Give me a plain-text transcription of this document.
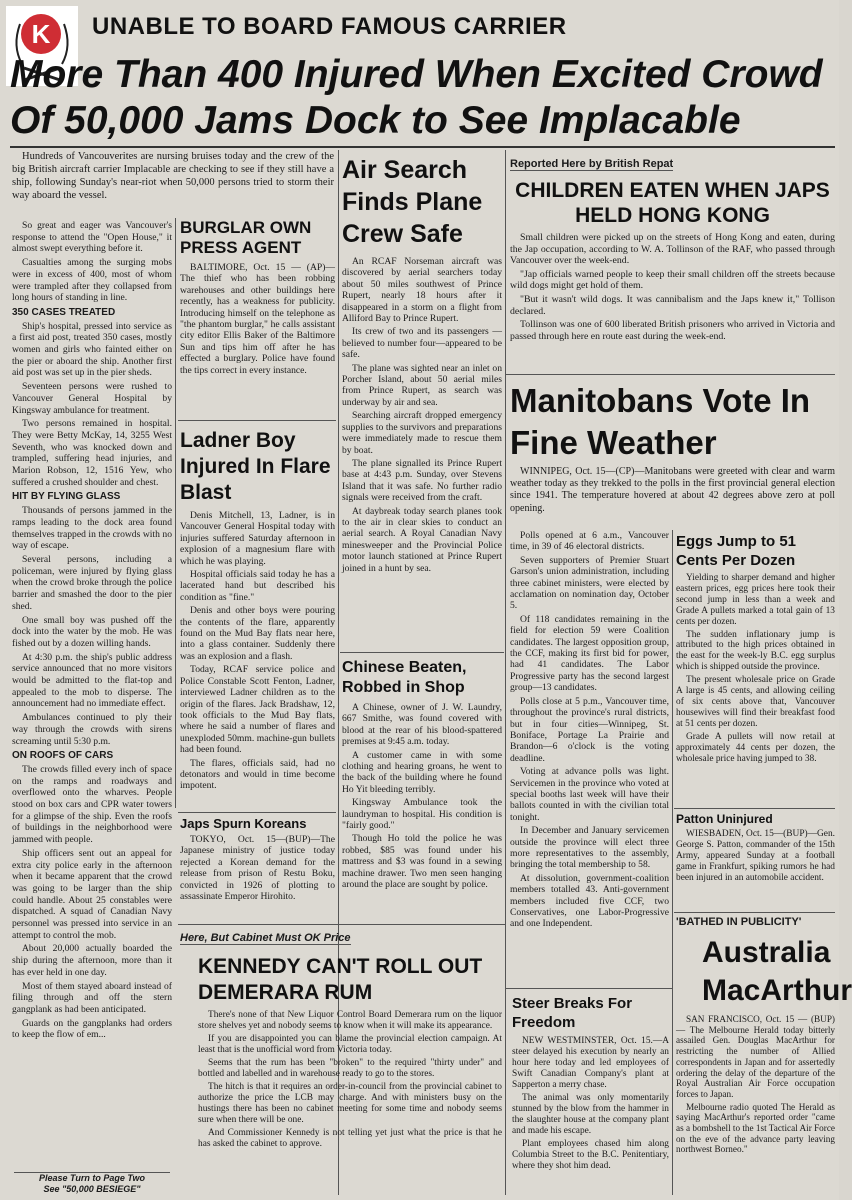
K	UNABLE TO BOARD FAMOUS CARRIER
More Than 400 Injured When Excited Crowd
Of 50,000 Jams Dock to See Implacable

Hundreds of Vancouverites are nursing bruises today and the crew of the big British aircraft carrier Implacable are checking to see if they still have a ship, following Sunday's near-riot when 50,000 persons tried to storm their way aboard the vessel.

So great and eager was Vancouver's response to attend the "Open House," it almost swept everything before it.

Casualties among the surging mobs were in excess of 400, most of whom were trampled after they collapsed from long hours of standing in line.

350 CASES TREATED

Ship's hospital, pressed into service as a first aid post, treated 350 cases, mostly women and girls who fainted either on the pier or aboard the ship. Another first aid post was set up in the pier sheds.

Seventeen persons were rushed to Vancouver General Hospital by Kingsway ambulance for treatment.

Two persons remained in hospital. They were Betty McKay, 14, 3255 West Seventh, who was knocked down and trampled, suffering head injuries, and Marion Robson, 12, 1516 Yew, who suffered a crushed shoulder and chest.

HIT BY FLYING GLASS

Thousands of persons jammed in the ramps leading to the dock area found themselves trapped in the crowds with no way of escape.

Several persons, including a policeman, were injured by flying glass when the crowd broke through the police barrier and smashed the door to the pier shed.

One small boy was pushed off the dock into the water by the mob. He was fished out by a dozen willing hands.

At 4:30 p.m. the ship's public address service announced that no more visitors would be admitted to the flat-top and appealed to the mob to disperse. The announcement had no immediate effect.

Ambulances continued to ply their way through the crowds with sirens screaming until 5:30 p.m.

ON ROOFS OF CARS

The crowds filled every inch of space on the ramps and roadways and overflowed onto the wharves. People stood on box cars and CPR water towers for a glimpse of the ship. Even the roofs of buildings in the neighborhood were jammed with people.

Ship officers sent out an appeal for extra city police early in the afternoon when it became apparent that the crowd was going to be larger than the ship could handle. About 25 constables were dispatched. A squad of Canadian Navy personnel was pressed into service in an attempt to control the mob.

About 20,000 actually boarded the ship during the afternoon, more than it has ever held in one day.

Most of them stayed aboard instead of filing through and off the stern gangplank as had been anticipated.

Guards on the gangplanks had orders to keep the flow of em...

Please Turn to Page Two
See "50,000 BESIEGE"
BURGLAR OWN PRESS AGENT

BALTIMORE, Oct. 15 — (AP)—The thief who has been robbing warehouses and other buildings here recently, has a weakness for publicity. Introducing himself on the telephone as "the phantom burglar," he calls assistant city editor Ellis Baker of the Baltimore Sun and tips him off after he has effected a burglary. Police have found the tips correct in every instance.

Ladner Boy Injured In Flare Blast

Denis Mitchell, 13, Ladner, is in Vancouver General Hospital today with injuries suffered Saturday afternoon in explosion of a magnesium flare with which he was playing.

Hospital officials said today he has a lacerated hand but described his condition as "fine."

Denis and other boys were pouring the contents of the flare, apparently found on the Mud Bay flats near here, into a glass container. Suddenly there was an explosion and a flash.

Today, RCAF service police and Police Constable Scott Fenton, Ladner, interviewed Ladner children as to the origin of the flares. Jack Bradshaw, 12, took officials to the Mud Bay flats, where he said a number of flares and unexploded 50mm. machine-gun bullets had been found.

The flares, officials said, had no detonators and would in time become impotent.

Japs Spurn Koreans

TOKYO, Oct. 15—(BUP)—The Japanese ministry of justice today rejected a Korean demand for the release from prison of Restu Boku, convicted in 1926 of plotting to assassinate Emperor Hirohito.

Air Search Finds Plane Crew Safe

An RCAF Norseman aircraft was discovered by aerial searchers today about 50 miles southwest of Prince Rupert, nearly 18 hours after it disappeared in a storm on a flight from Alliford Bay to Prince Rupert.

Its crew of two and its passengers — believed to number four—appeared to be safe.

The plane was sighted near an inlet on Porcher Island, about 50 aerial miles from Prince Rupert, as search was underway by air and sea.

Searching aircraft dropped emergency supplies to the survivors and preparations were immediately made to rescue them by boat.

The plane signalled its Prince Rupert base at 4:43 p.m. Sunday, over Stevens Island that it was safe. No further radio signals were received from the craft.

At daybreak today search planes took to the air in clear skies to conduct an aerial search. A Royal Canadian Navy minesweeper and the Provincial Police motor launch stationed at Prince Rupert joined in a hunt by sea.

Chinese Beaten, Robbed in Shop

A Chinese, owner of J. W. Laundry, 667 Smithe, was found covered with blood at the rear of his blood-spattered premises at 9:45 a.m. today.

A customer came in with some clothing and hearing groans, he went to the back of the building where he found Ho Yit bleeding terribly.

Kingsway Ambulance took the laundryman to hospital. His condition is "fairly good."

Though Ho told the police he was robbed, $85 was found under his mattress and $3 was found in a sewing machine drawer. Two men seen hanging around the place are sought by police.

Here, But Cabinet Must OK Price
KENNEDY CAN'T ROLL OUT DEMERARA RUM

There's none of that New Liquor Control Board Demerara rum on the liquor store shelves yet and nobody seems to know when it will make its appearance.

If you are disappointed you can blame the provincial election campaign. At least that is the unofficial word from Victoria today.

Seems that the rum has been "broken" to the required "thirty under" and bottled and labelled and in warehouse ready to go to the stores.

The hitch is that it requires an order-in-council from the provincial cabinet to authorize the price the LCB may charge. And with ministers busy on the hustings there has been no cabinet meeting for some time and nobody seems sure when there will be one.

And Commissioner Kennedy is not telling yet just what the price is that he has asked the cabinet to approve.

Reported Here by British Repat
CHILDREN EATEN WHEN JAPS HELD HONG KONG

Small children were picked up on the streets of Hong Kong and eaten, during the Jap occupation, according to W. A. Tollinson of the RAF, who passed through Vancouver over the week-end.

"Jap officials warned people to keep their small children off the streets because wild dogs might get hold of them.

"But it wasn't wild dogs. It was cannibalism and the Japs knew it," Tollison declared.

Tollinson was one of 600 liberated British prisoners who arrived in Victoria and passed through here en route east during the week-end.

Manitobans Vote In Fine Weather

WINNIPEG, Oct. 15—(CP)—Manitobans were greeted with clear and warm weather today as they trekked to the polls in the first provincial general election since 1941. The temperature hovered at about 42 degrees above zero at poll opening.

Polls opened at 6 a.m., Vancouver time, in 39 of 46 electoral districts.

Seven supporters of Premier Stuart Garson's union administration, including three cabinet ministers, were elected by acclamation on nomination day, October 5.

Of 118 candidates remaining in the field for election 59 were Coalition candidates. The largest opposition group, the CCF, making its first bid for power, had 41 candidates. The Labor Progressive party has the second largest group—13 candidates.

Polls close at 5 p.m., Vancouver time, throughout the province's rural districts, but in four cities—Winnipeg, St. Boniface, Portage La Prairie and Brandon—6 o'clock is the voting deadline.

Voting at advance polls was light. Servicemen in the province who voted at special booths last week will have their ballots counted in with the civilian total tonight.

In December and January servicemen outside the province will elect three more representatives to the assembly, bringing the total membership to 58.

At dissolution, government-coalition members totalled 43. Anti-government members included five CCF, two Conservatives, one Labor-Progressive and one Independent.

Steer Breaks For Freedom

NEW WESTMINSTER, Oct. 15.—A steer delayed his execution by nearly an hour here today and led employees of Swift Canadian Company's plant at Sapperton a merry chase.

The animal was only momentarily stunned by the blow from the hammer in the slaughter house at the company plant and made his escape.

Plant employees chased him along Columbia Street to the B.C. Penitentiary, where they shot him dead.

Eggs Jump to 51 Cents Per Dozen

Yielding to sharper demand and higher eastern prices, egg prices here took their second jump in less than a week and Grade A pullets marked a total gain of 13 cents per dozen.

The sudden inflationary jump is attributed to the high prices obtained in the east for the week-ly B.C. egg surplus which is shipped outside the province.

The present wholesale price on Grade A large is 45 cents, and allowing ceiling of six cents above that, Vancouver housewives will find their breakfast food at 51 cents per dozen.

Grade A pullets will now retail at approximately 44 cents per dozen, the wholesale price having jumped to 38.

Patton Uninjured

WIESBADEN, Oct. 15—(BUP)—Gen. George S. Patton, commander of the 15th Army, appeared Sunday at a football game in Frankfurt, spiking rumors he had been injured in an automobile accident.

'BATHED IN PUBLICITY'
Australia MacArthur

SAN FRANCISCO, Oct. 15 — (BUP) — The Melbourne Herald today bitterly assailed Gen. Douglas MacArthur for restricting the number of Allied correspondents in Japan and for assertedly ordering the delay of the departure of the Royal Australian Air Force occupation forces to Japan.

Melbourne radio quoted The Herald as saying MacArthur's reported order "came as a bombshell to the 1st Tactical Air Force on the eve of the advance party leaving northwest Borneo."
